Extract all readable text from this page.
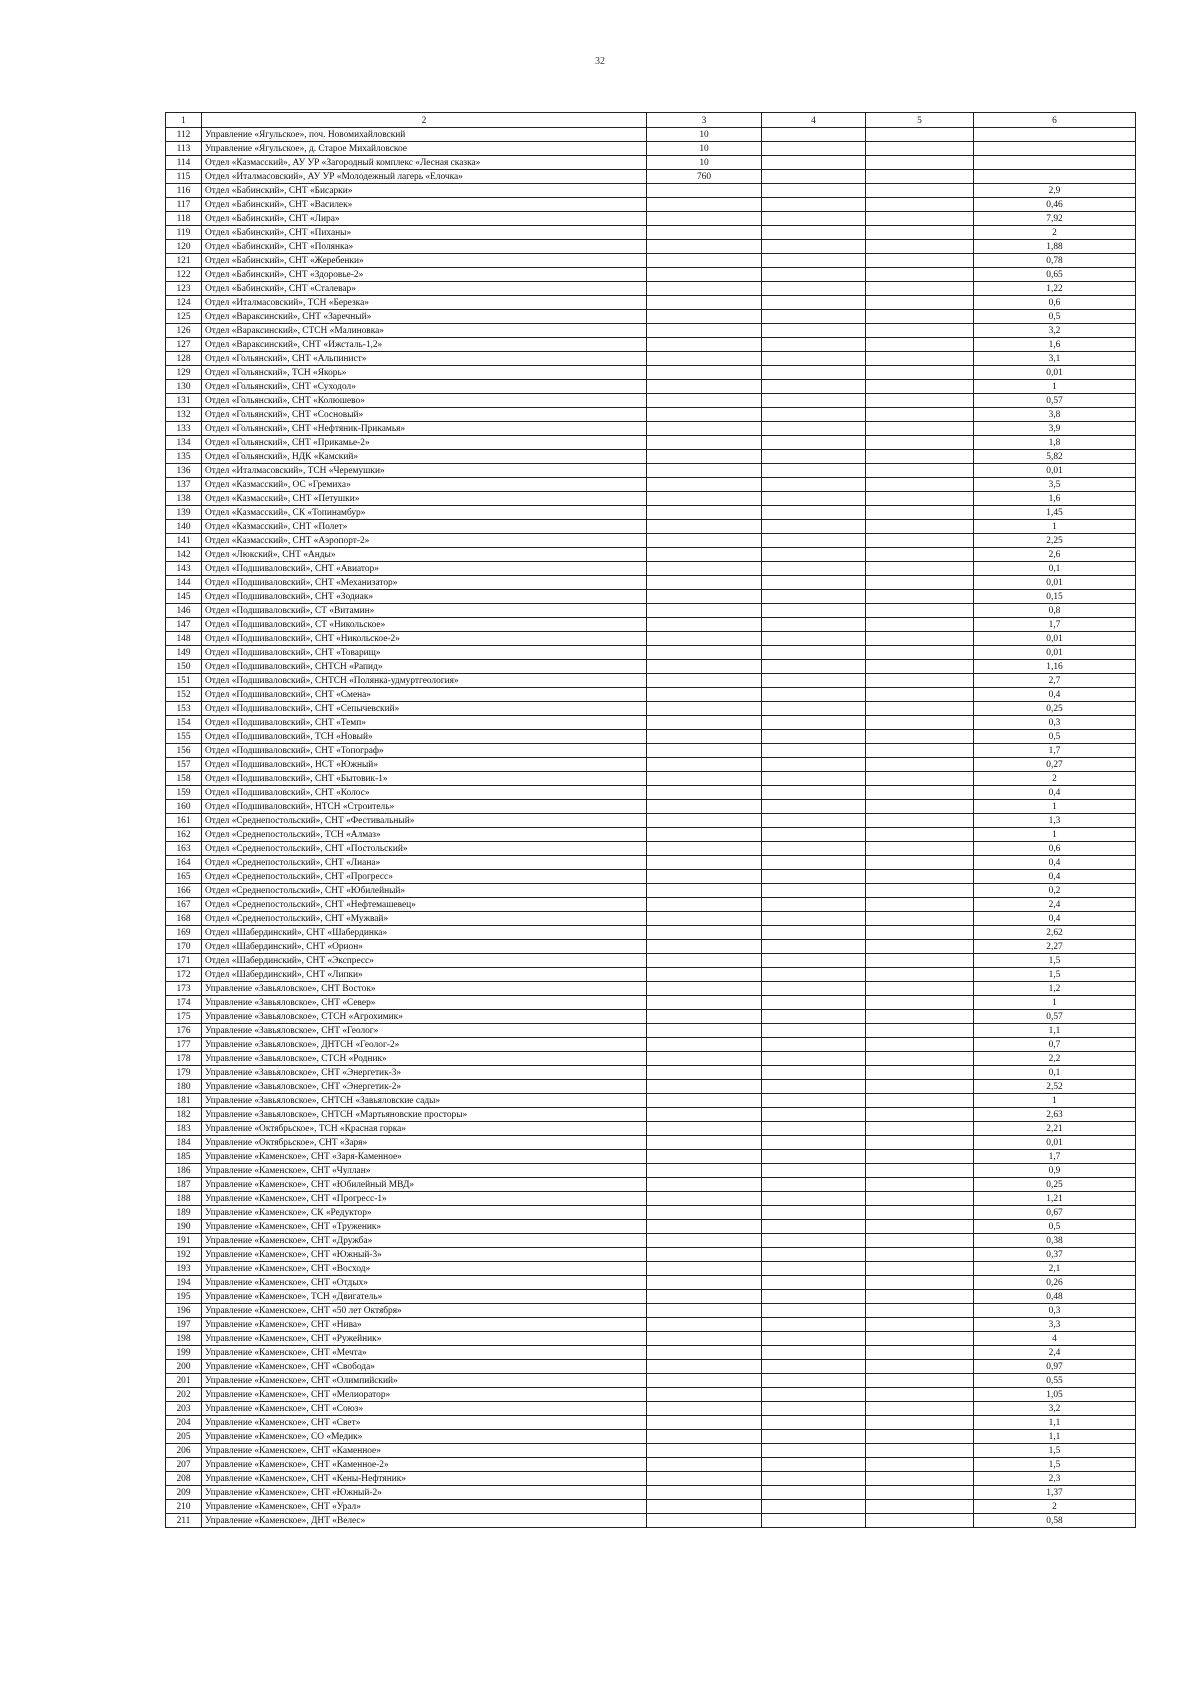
32
1	2	3	4	5	6
112	Управление «Ягульское», поч. Новомихайловский	10			
113	Управление «Ягульское», д. Старое Михайловское	10			
114	Отдел «Казмасский», АУ УР «Загородный комплекс «Лесная сказка»	10			
115	Отдел «Италмасовский», АУ УР «Молодежный лагерь «Елочка»	760			
116	Отдел «Бабинский», СНТ «Бисарки»				2,9
117	Отдел «Бабинский», СНТ «Василек»				0,46
118	Отдел «Бабинский», СНТ «Лира»				7,92
119	Отдел «Бабинский», СНТ «Пиханы»				2
120	Отдел «Бабинский», СНТ «Полянка»				1,88
121	Отдел «Бабинский», СНТ «Жеребенки»				0,78
122	Отдел «Бабинский», СНТ «Здоровье-2»				0,65
123	Отдел «Бабинский», СНТ «Сталевар»				1,22
124	Отдел «Италмасовский», ТСН «Березка»				0,6
125	Отдел «Вараксинский», СНТ «Заречный»				0,5
126	Отдел «Вараксинский», СТСН «Малиновка»				3,2
127	Отдел «Вараксинский», СНТ «Ижсталь-1,2»				1,6
128	Отдел «Гольянский», СНТ «Альпинист»				3,1
129	Отдел «Гольянский», ТСН «Якорь»				0,01
130	Отдел «Гольянский», СНТ «Суходол»				1
131	Отдел «Гольянский», СНТ «Колюшево»				0,57
132	Отдел «Гольянский», СНТ «Сосновый»				3,8
133	Отдел «Гольянский», СНТ «Нефтяник-Прикамья»				3,9
134	Отдел «Гольянский», СНТ «Прикамье-2»				1,8
135	Отдел «Гольянский», НДК «Камский»				5,82
136	Отдел «Италмасовский», ТСН «Черемушки»				0,01
137	Отдел «Казмасский», ОС «Гремиха»				3,5
138	Отдел «Казмасский», СНТ «Петушки»				1,6
139	Отдел «Казмасский», СК «Топинамбур»				1,45
140	Отдел «Казмасский», СНТ «Полет»				1
141	Отдел «Казмасский», СНТ «Аэропорт-2»				2,25
142	Отдел «Люкский», СНТ «Анды»				2,6
143	Отдел «Подшиваловский», СНТ «Авиатор»				0,1
144	Отдел «Подшиваловский», СНТ «Механизатор»				0,01
145	Отдел «Подшиваловский», СНТ «Зодиак»				0,15
146	Отдел «Подшиваловский», СТ «Витамин»				0,8
147	Отдел «Подшиваловский», СТ «Никольское»				1,7
148	Отдел «Подшиваловский», СНТ «Никольское-2»				0,01
149	Отдел «Подшиваловский», СНТ «Товарищ»				0,01
150	Отдел «Подшиваловский», СНТСН «Рапид»				1,16
151	Отдел «Подшиваловский», СНТСН «Полянка-удмуртгеология»				2,7
152	Отдел «Подшиваловский», СНТ «Смена»				0,4
153	Отдел «Подшиваловский», СНТ «Сепычевский»				0,25
154	Отдел «Подшиваловский», СНТ «Темп»				0,3
155	Отдел «Подшиваловский», ТСН «Новый»				0,5
156	Отдел «Подшиваловский», СНТ «Топограф»				1,7
157	Отдел «Подшиваловский», НСТ «Южный»				0,27
158	Отдел «Подшиваловский», СНТ «Бытовик-1»				2
159	Отдел «Подшиваловский», СНТ «Колос»				0,4
160	Отдел «Подшиваловский», НТСН «Строитель»				1
161	Отдел «Среднепостольский», СНТ «Фестивальный»				1,3
162	Отдел «Среднепостольский», ТСН «Алмаз»				1
163	Отдел «Среднепостольский», СНТ «Постольский»				0,6
164	Отдел «Среднепостольский», СНТ «Лиана»				0,4
165	Отдел «Среднепостольский», СНТ «Прогресс»				0,4
166	Отдел «Среднепостольский», СНТ «Юбилейный»				0,2
167	Отдел «Среднепостольский», СНТ «Нефтемашевец»				2,4
168	Отдел «Среднепостольский», СНТ «Мужвай»				0,4
169	Отдел «Шабердинский», СНТ «Шабердинка»				2,62
170	Отдел «Шабердинский», СНТ «Орион»				2,27
171	Отдел «Шабердинский», СНТ «Экспресс»				1,5
172	Отдел «Шабердинский», СНТ «Липки»				1,5
173	Управление «Завьяловское», СНТ Восток»				1,2
174	Управление «Завьяловское», СНТ «Север»				1
175	Управление «Завьяловское», СТСН «Агрохимик»				0,57
176	Управление «Завьяловское», СНТ «Геолог»				1,1
177	Управление «Завьяловское», ДНТСН «Геолог-2»				0,7
178	Управление «Завьяловское», СТСН «Родник»				2,2
179	Управление «Завьяловское», СНТ «Энергетик-3»				0,1
180	Управление «Завьяловское», СНТ «Энергетик-2»				2,52
181	Управление «Завьяловское», СНТСН «Завьяловские сады»				1
182	Управление «Завьяловское», СНТСН «Мартьяновские просторы»				2,63
183	Управление «Октябрьское», ТСН «Красная горка»				2,21
184	Управление «Октябрьское», СНТ «Заря»				0,01
185	Управление «Каменское», СНТ «Заря-Каменное»				1,7
186	Управление «Каменское», СНТ «Чуллан»				0,9
187	Управление «Каменское», СНТ «Юбилейный МВД»				0,25
188	Управление «Каменское», СНТ «Прогресс-1»				1,21
189	Управление «Каменское», СК «Редуктор»				0,67
190	Управление «Каменское», СНТ «Труженик»				0,5
191	Управление «Каменское», СНТ «Дружба»				0,38
192	Управление «Каменское», СНТ «Южный-3»				0,37
193	Управление «Каменское», СНТ «Восход»				2,1
194	Управление «Каменское», СНТ «Отдых»				0,26
195	Управление «Каменское», ТСН «Двигатель»				0,48
196	Управление «Каменское», СНТ «50 лет Октября»				0,3
197	Управление «Каменское», СНТ «Нива»				3,3
198	Управление «Каменское», СНТ «Ружейник»				4
199	Управление «Каменское», СНТ «Мечта»				2,4
200	Управление «Каменское», СНТ «Свобода»				0,97
201	Управление «Каменское», СНТ «Олимпийский»				0,55
202	Управление «Каменское», СНТ «Мелиоратор»				1,05
203	Управление «Каменское», СНТ «Союз»				3,2
204	Управление «Каменское», СНТ «Свет»				1,1
205	Управление «Каменское», СО «Медик»				1,1
206	Управление «Каменское», СНТ «Каменное»				1,5
207	Управление «Каменское», СНТ «Каменное-2»				1,5
208	Управление «Каменское», СНТ «Кены-Нефтяник»				2,3
209	Управление «Каменское», СНТ «Южный-2»				1,37
210	Управление «Каменское», СНТ «Урал»				2
211	Управление «Каменское», ДНТ «Велес»				0,58
